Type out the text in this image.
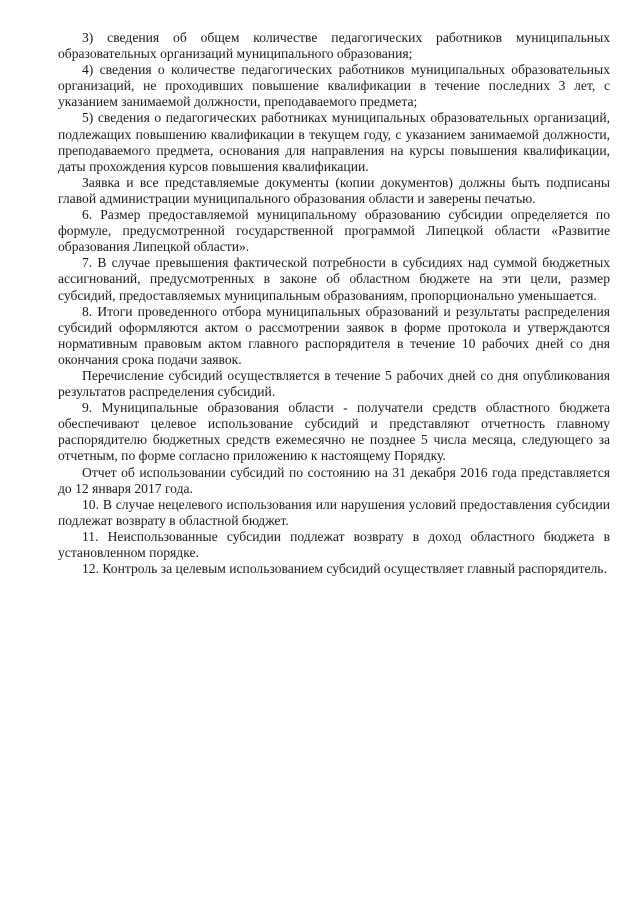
3) сведения об общем количестве педагогических работников муниципальных образовательных организаций муниципального образования;

4) сведения о количестве педагогических работников муниципальных образовательных организаций, не проходивших повышение квалификации в течение последних 3 лет, с указанием занимаемой должности, преподаваемого предмета;

5) сведения о педагогических работниках муниципальных образовательных организаций, подлежащих повышению квалификации в текущем году, с указанием занимаемой должности, преподаваемого предмета, основания для направления на курсы повышения квалификации, даты прохождения курсов повышения квалификации.

Заявка и все представляемые документы (копии документов) должны быть подписаны главой администрации муниципального образования области и заверены печатью.

6. Размер предоставляемой муниципальному образованию субсидии определяется по формуле, предусмотренной государственной программой Липецкой области «Развитие образования Липецкой области».

7. В случае превышения фактической потребности в субсидиях над суммой бюджетных ассигнований, предусмотренных в законе об областном бюджете на эти цели, размер субсидий, предоставляемых муниципальным образованиям, пропорционально уменьшается.

8. Итоги проведенного отбора муниципальных образований и результаты распределения субсидий оформляются актом о рассмотрении заявок в форме протокола и утверждаются нормативным правовым актом главного распорядителя в течение 10 рабочих дней со дня окончания срока подачи заявок.

Перечисление субсидий осуществляется в течение 5 рабочих дней со дня опубликования результатов распределения субсидий.

9. Муниципальные образования области - получатели средств областного бюджета обеспечивают целевое использование субсидий и представляют отчетность главному распорядителю бюджетных средств ежемесячно не позднее 5 числа месяца, следующего за отчетным, по форме согласно приложению к настоящему Порядку.

Отчет об использовании субсидий по состоянию на 31 декабря 2016 года представляется до 12 января 2017 года.

10. В случае нецелевого использования или нарушения условий предоставления субсидии подлежат возврату в областной бюджет.

11. Неиспользованные субсидии подлежат возврату в доход областного бюджета в установленном порядке.

12. Контроль за целевым использованием субсидий осуществляет главный распорядитель.
